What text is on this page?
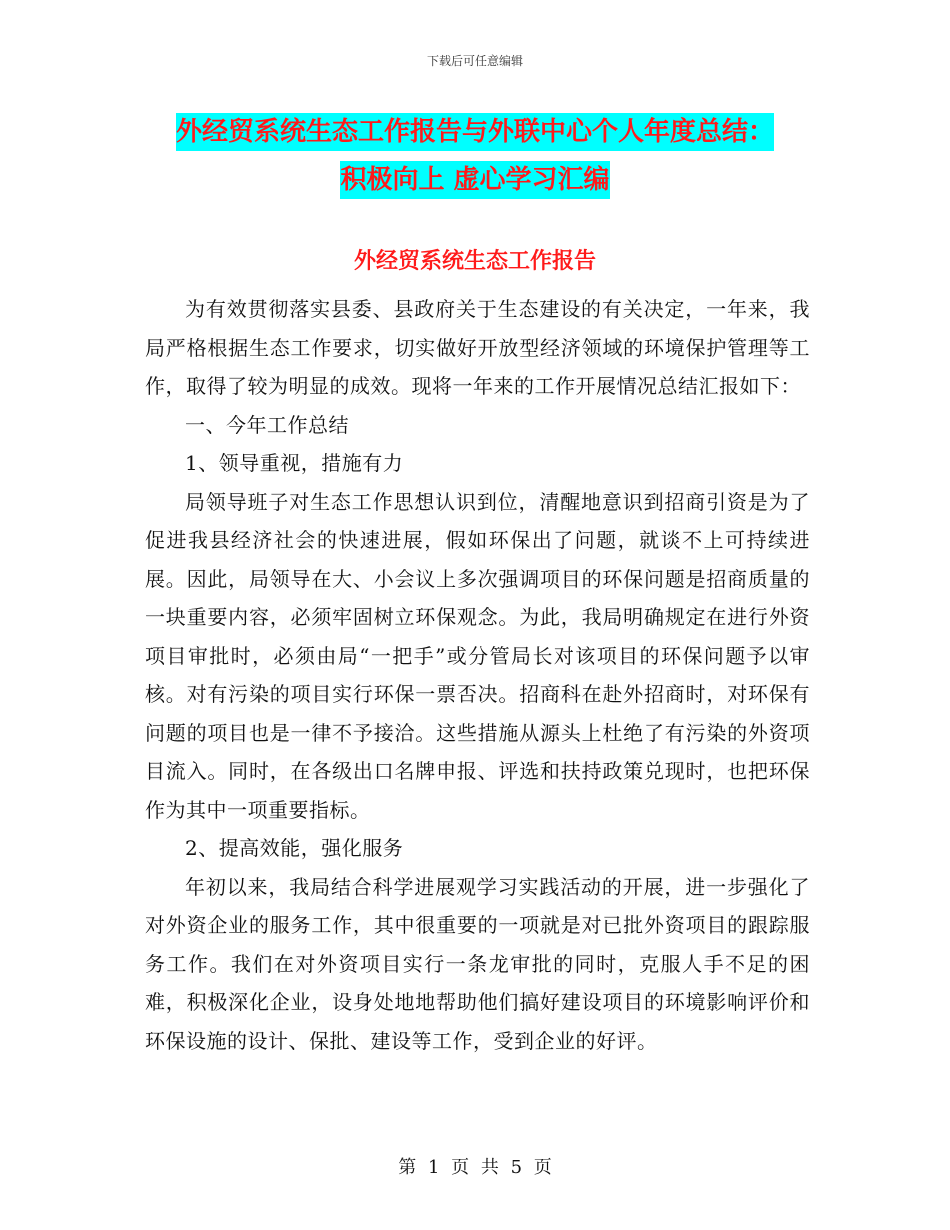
下载后可任意编辑
外经贸系统生态工作报告与外联中心个人年度总结：
积极向上 虚心学习汇编
外经贸系统生态工作报告

为有效贯彻落实县委、县政府关于生态建设的有关决定，一年来，我局严格根据生态工作要求，切实做好开放型经济领域的环境保护管理等工作，取得了较为明显的成效。现将一年来的工作开展情况总结汇报如下：

一、今年工作总结

1、领导重视，措施有力

局领导班子对生态工作思想认识到位，清醒地意识到招商引资是为了促进我县经济社会的快速进展，假如环保出了问题，就谈不上可持续进展。因此，局领导在大、小会议上多次强调项目的环保问题是招商质量的一块重要内容，必须牢固树立环保观念。为此，我局明确规定在进行外资项目审批时，必须由局“一把手”或分管局长对该项目的环保问题予以审核。对有污染的项目实行环保一票否决。招商科在赴外招商时，对环保有问题的项目也是一律不予接洽。这些措施从源头上杜绝了有污染的外资项目流入。同时，在各级出口名牌申报、评选和扶持政策兑现时，也把环保作为其中一项重要指标。

2、提高效能，强化服务

年初以来，我局结合科学进展观学习实践活动的开展，进一步强化了对外资企业的服务工作，其中很重要的一项就是对已批外资项目的跟踪服务工作。我们在对外资项目实行一条龙审批的同时，克服人手不足的困难，积极深化企业，设身处地地帮助他们搞好建设项目的环境影响评价和环保设施的设计、保批、建设等工作，受到企业的好评。

第 1 页 共 5 页
